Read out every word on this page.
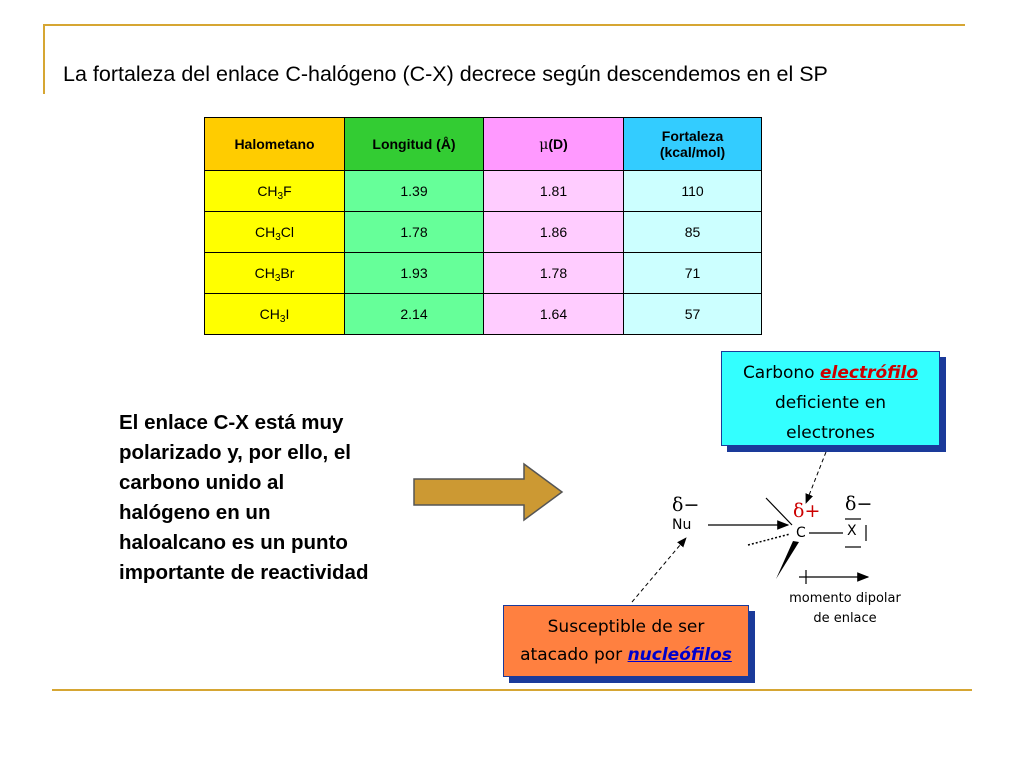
La fortaleza del enlace C-halógeno (C-X) decrece según descendemos en el SP
Halometano	Longitud (Å)	μ(D)	Fortaleza
(kcal/mol)
$CH_3F$	1.39	1.81	110
$CH_3Cl$	1.78	1.86	85
$CH_3Br$	1.93	1.78	71
$CH_3I$	2.14	1.64	57
El enlace C-X está muy polarizado y, por ello, el carbono unido al halógeno en un haloalcano es un punto importante de reactividad
Carbono electrófilo
deficiente en
electrones
Susceptible de ser
atacado por nucleófilos
δ−
Nu
δ+
C
δ−
X
momento dipolar
de enlace
